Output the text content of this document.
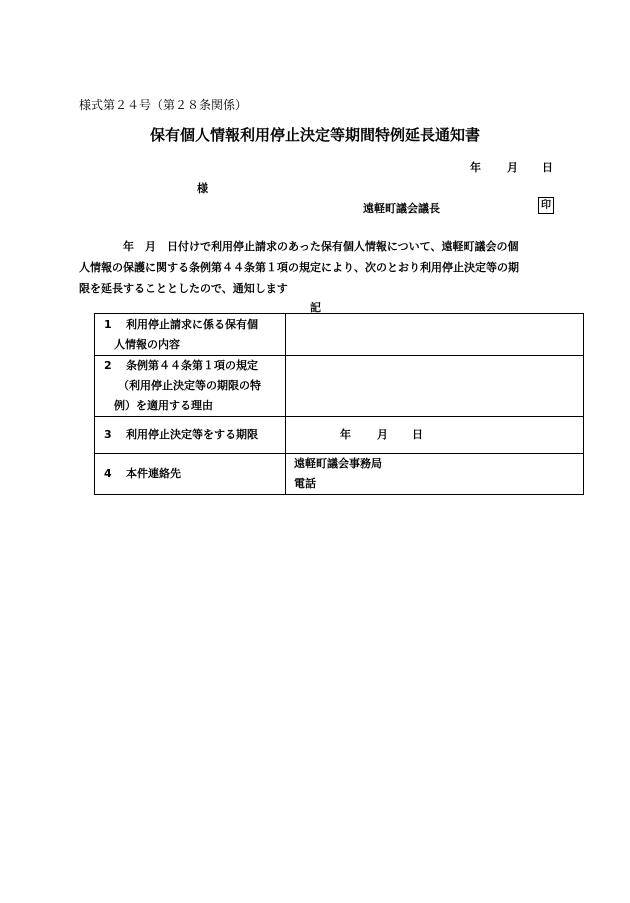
様式第２４号（第２８条関係）
保有個人情報利用停止決定等期間特例延長通知書
年 月 日
様
遠軽町議会議長	印
年　月　日付けで利用停止請求のあった保有個人情報について、遠軽町議会の個
人情報の保護に関する条例第４４条第１項の規定により、次のとおり利用停止決定等の期
限を延長することとしたので、通知します
記
1 利用停止請求に係る保有個
人情報の内容	

2 条例第４４条第１項の規定
（利用停止決定等の期限の特
例）を適用する理由	

3 利用停止決定等をする期限	年 月 日

4 本件連絡先	遠軽町議会事務局
電話
